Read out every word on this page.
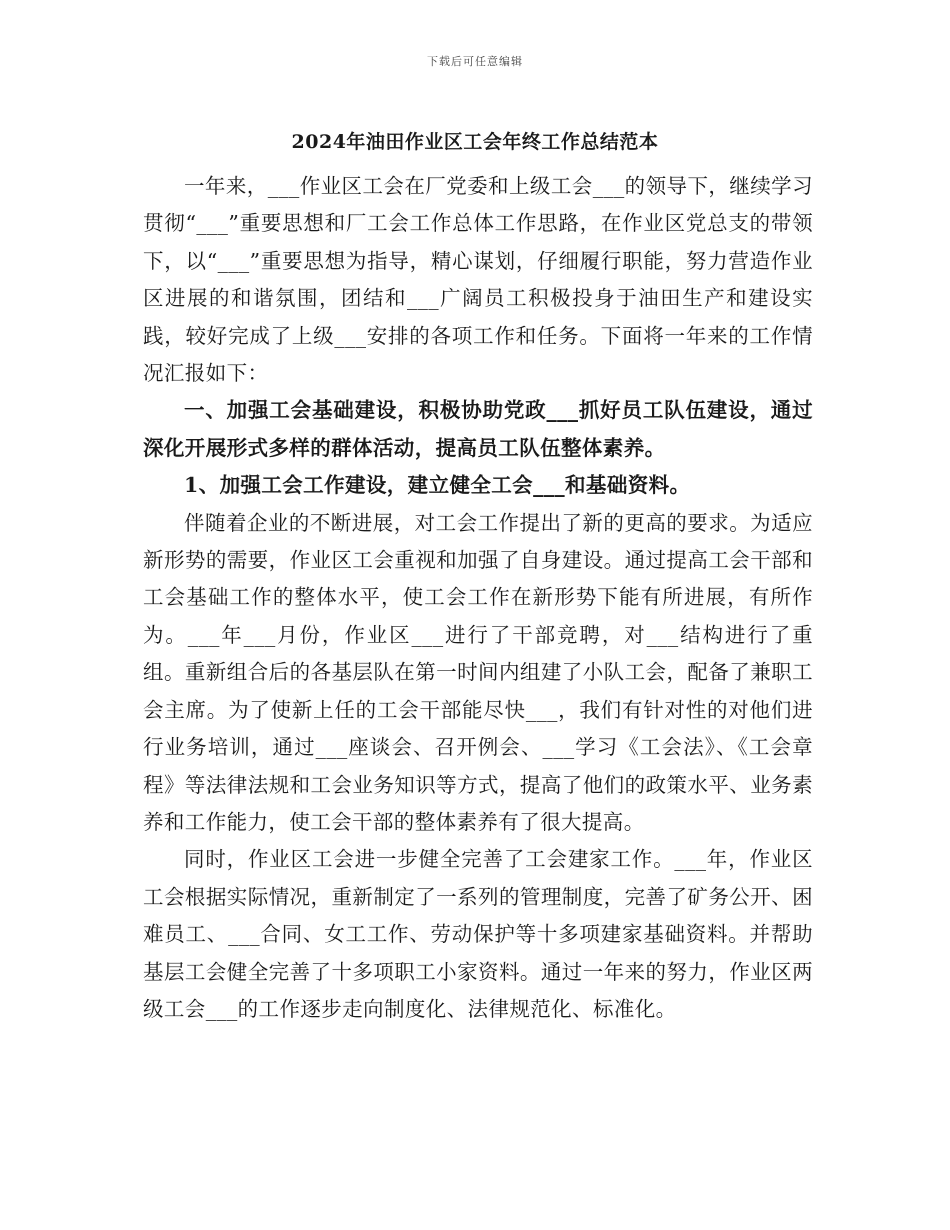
下载后可任意编辑
2024年油田作业区工会年终工作总结范本

一年来，___作业区工会在厂党委和上级工会___的领导下，继续学习贯彻“___”重要思想和厂工会工作总体工作思路，在作业区党总支的带领下，以“___”重要思想为指导，精心谋划，仔细履行职能，努力营造作业区进展的和谐氛围，团结和___广阔员工积极投身于油田生产和建设实践，较好完成了上级___安排的各项工作和任务。下面将一年来的工作情况汇报如下：

一、加强工会基础建设，积极协助党政___抓好员工队伍建设，通过深化开展形式多样的群体活动，提高员工队伍整体素养。

1、加强工会工作建设，建立健全工会___和基础资料。

伴随着企业的不断进展，对工会工作提出了新的更高的要求。为适应新形势的需要，作业区工会重视和加强了自身建设。通过提高工会干部和工会基础工作的整体水平，使工会工作在新形势下能有所进展，有所作为。___年___月份，作业区___进行了干部竞聘，对___结构进行了重组。重新组合后的各基层队在第一时间内组建了小队工会，配备了兼职工会主席。为了使新上任的工会干部能尽快___，我们有针对性的对他们进行业务培训，通过___座谈会、召开例会、___学习《工会法》、《工会章程》等法律法规和工会业务知识等方式，提高了他们的政策水平、业务素养和工作能力，使工会干部的整体素养有了很大提高。

同时，作业区工会进一步健全完善了工会建家工作。___年，作业区工会根据实际情况，重新制定了一系列的管理制度，完善了矿务公开、困难员工、___合同、女工工作、劳动保护等十多项建家基础资料。并帮助基层工会健全完善了十多项职工小家资料。通过一年来的努力，作业区两级工会___的工作逐步走向制度化、法律规范化、标准化。
